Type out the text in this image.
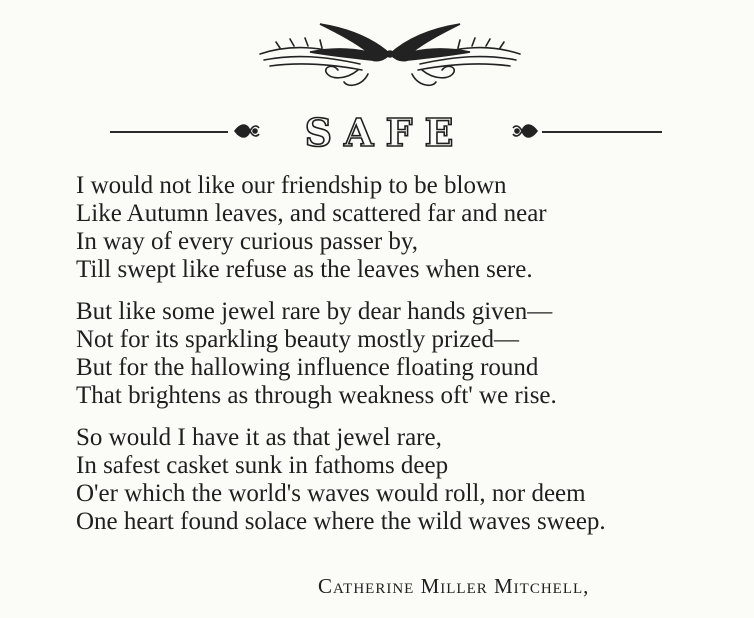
SAFE
I would not like our friendship to be blown
Like Autumn leaves, and scattered far and near
In way of every curious passer by,
Till swept like refuse as the leaves when sere.
But like some jewel rare by dear hands given—
Not for its sparkling beauty mostly prized—
But for the hallowing influence floating round
That brightens as through weakness oft' we rise.
So would I have it as that jewel rare,
In safest casket sunk in fathoms deep
O'er which the world's waves would roll, nor deem
One heart found solace where the wild waves sweep.
Catherine Miller Mitchell,
